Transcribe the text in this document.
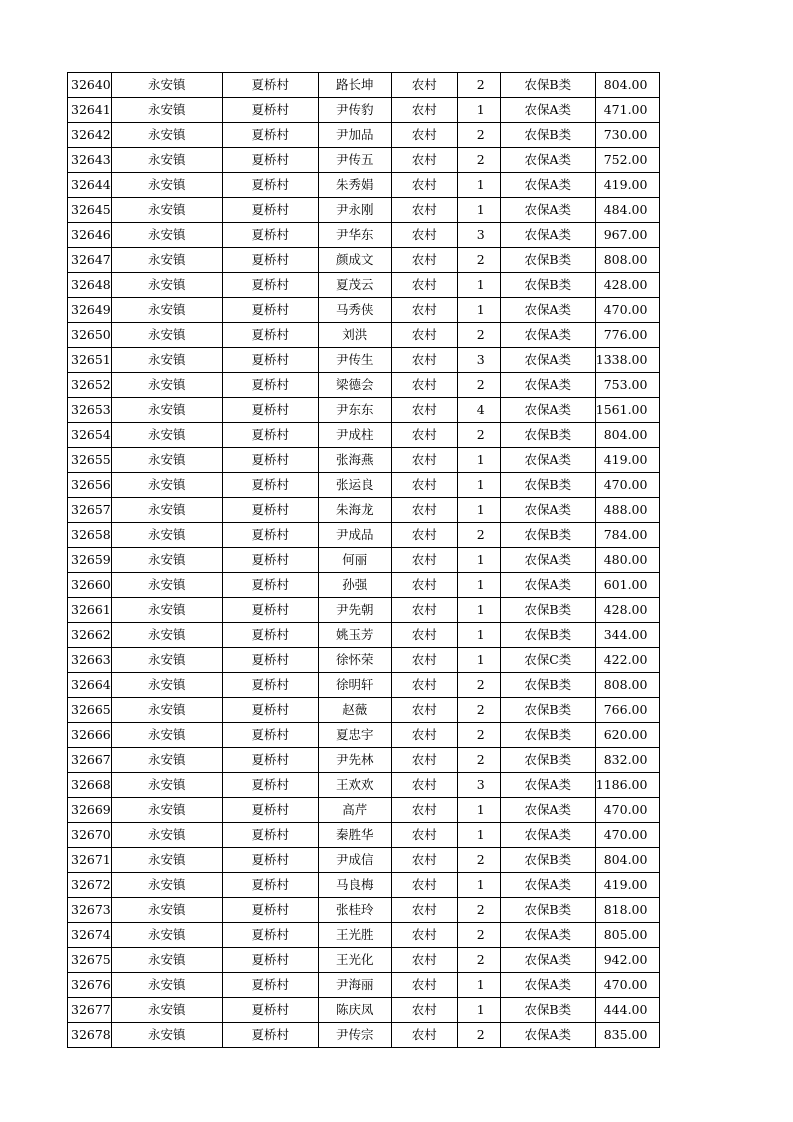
32640	永安镇	夏桥村	路长坤	农村	2	农保B类	804.00
32641	永安镇	夏桥村	尹传豹	农村	1	农保A类	471.00
32642	永安镇	夏桥村	尹加品	农村	2	农保B类	730.00
32643	永安镇	夏桥村	尹传五	农村	2	农保A类	752.00
32644	永安镇	夏桥村	朱秀娟	农村	1	农保A类	419.00
32645	永安镇	夏桥村	尹永刚	农村	1	农保A类	484.00
32646	永安镇	夏桥村	尹华东	农村	3	农保A类	967.00
32647	永安镇	夏桥村	颜成文	农村	2	农保B类	808.00
32648	永安镇	夏桥村	夏茂云	农村	1	农保B类	428.00
32649	永安镇	夏桥村	马秀侠	农村	1	农保A类	470.00
32650	永安镇	夏桥村	刘洪	农村	2	农保A类	776.00
32651	永安镇	夏桥村	尹传生	农村	3	农保A类	1338.00
32652	永安镇	夏桥村	梁德会	农村	2	农保A类	753.00
32653	永安镇	夏桥村	尹东东	农村	4	农保A类	1561.00
32654	永安镇	夏桥村	尹成柱	农村	2	农保B类	804.00
32655	永安镇	夏桥村	张海燕	农村	1	农保A类	419.00
32656	永安镇	夏桥村	张运良	农村	1	农保B类	470.00
32657	永安镇	夏桥村	朱海龙	农村	1	农保A类	488.00
32658	永安镇	夏桥村	尹成品	农村	2	农保B类	784.00
32659	永安镇	夏桥村	何丽	农村	1	农保A类	480.00
32660	永安镇	夏桥村	孙强	农村	1	农保A类	601.00
32661	永安镇	夏桥村	尹先朝	农村	1	农保B类	428.00
32662	永安镇	夏桥村	姚玉芳	农村	1	农保B类	344.00
32663	永安镇	夏桥村	徐怀荣	农村	1	农保C类	422.00
32664	永安镇	夏桥村	徐明轩	农村	2	农保B类	808.00
32665	永安镇	夏桥村	赵薇	农村	2	农保B类	766.00
32666	永安镇	夏桥村	夏忠宇	农村	2	农保B类	620.00
32667	永安镇	夏桥村	尹先林	农村	2	农保B类	832.00
32668	永安镇	夏桥村	王欢欢	农村	3	农保A类	1186.00
32669	永安镇	夏桥村	高芹	农村	1	农保A类	470.00
32670	永安镇	夏桥村	秦胜华	农村	1	农保A类	470.00
32671	永安镇	夏桥村	尹成信	农村	2	农保B类	804.00
32672	永安镇	夏桥村	马良梅	农村	1	农保A类	419.00
32673	永安镇	夏桥村	张桂玲	农村	2	农保B类	818.00
32674	永安镇	夏桥村	王光胜	农村	2	农保A类	805.00
32675	永安镇	夏桥村	王光化	农村	2	农保A类	942.00
32676	永安镇	夏桥村	尹海丽	农村	1	农保A类	470.00
32677	永安镇	夏桥村	陈庆凤	农村	1	农保B类	444.00
32678	永安镇	夏桥村	尹传宗	农村	2	农保A类	835.00
